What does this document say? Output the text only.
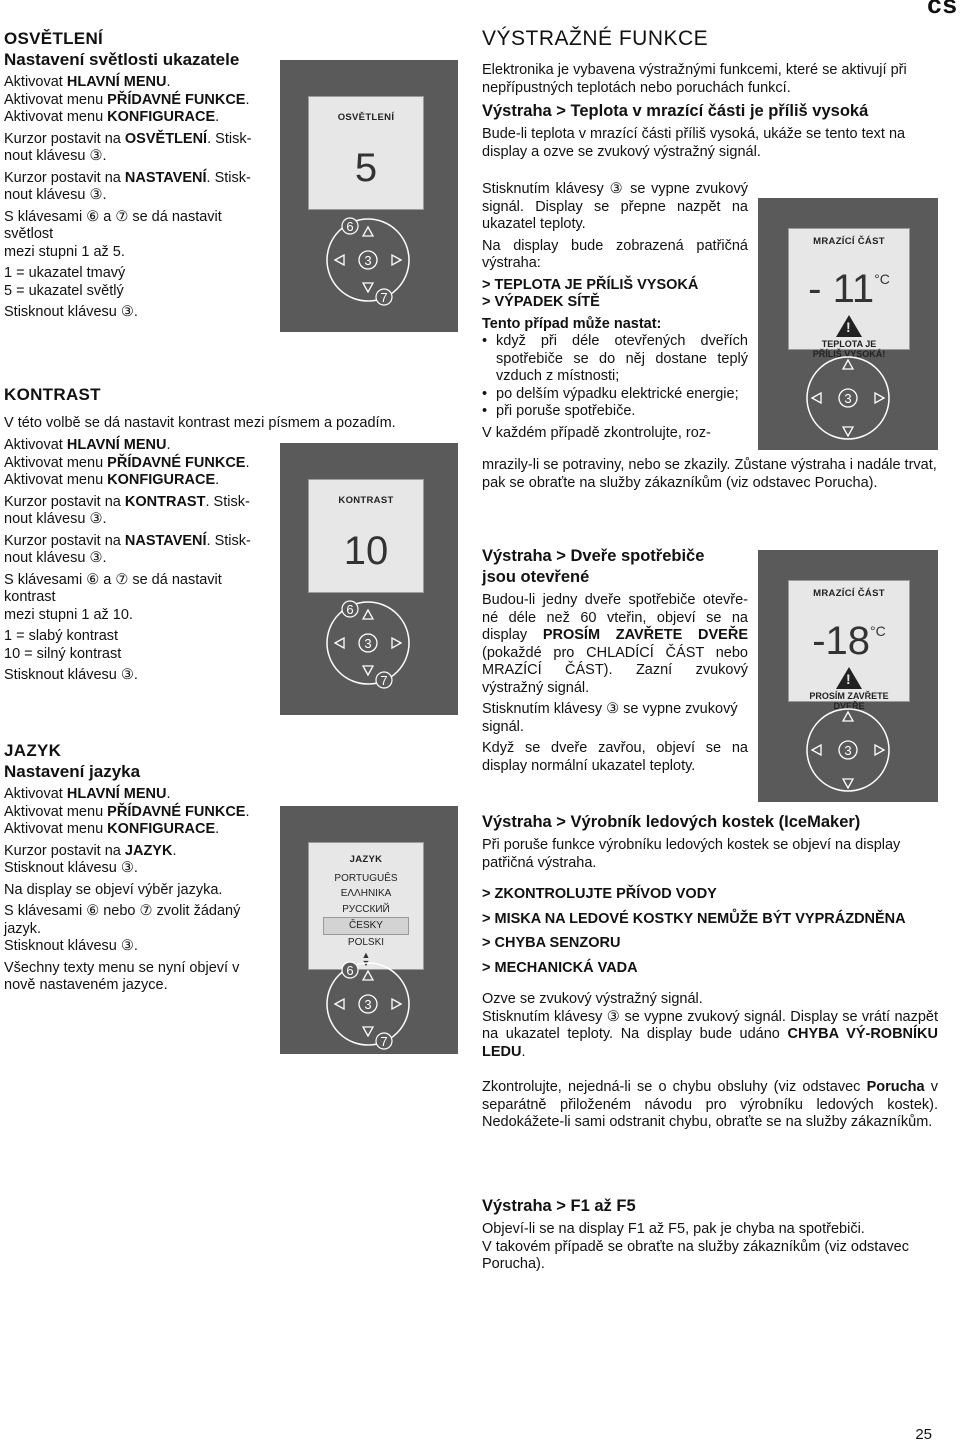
OSVĚTLENÍ

Nastavení světlosti ukazatele

Aktivovat HLAVNÍ MENU.

Aktivovat menu PŘÍDAVNÉ FUNKCE.

Aktivovat menu KONFIGURACE.

Kurzor postavit na OSVĚTLENÍ. Stisk-
nout klávesu ③.

Kurzor postavit na NASTAVENÍ. Stisk-
nout klávesu ③.

S klávesami ⑥ a ⑦ se dá nastavit světlost
mezi stupni 1 až 5.

1 = ukazatel tmavý
5 = ukazatel světlý

Stisknout klávesu ③.

KONTRAST

V této volbě se dá nastavit kontrast mezi písmem a pozadím.

Aktivovat HLAVNÍ MENU.

Aktivovat menu PŘÍDAVNÉ FUNKCE.

Aktivovat menu KONFIGURACE.

Kurzor postavit na KONTRAST. Stisk-
nout klávesu ③.

Kurzor postavit na NASTAVENÍ. Stisk-
nout klávesu ③.

S klávesami ⑥ a ⑦ se dá nastavit kontrast
mezi stupni 1 až 10.

1 = slabý kontrast
10 = silný kontrast

Stisknout klávesu ③.

JAZYK

Nastavení jazyka

Aktivovat HLAVNÍ MENU.

Aktivovat menu PŘÍDAVNÉ FUNKCE.

Aktivovat menu KONFIGURACE.

Kurzor postavit na JAZYK.
Stisknout klávesu ③.

Na display se objeví výběr jazyka.

S klávesami ⑥ nebo ⑦ zvolit žádaný
jazyk.
Stisknout klávesu ③.

Všechny texty menu se nyní objeví v
nově nastaveném jazyce.

OSVĚTLENÍ
5
3
6
7
KONTRAST
10
3
6
7
JAZYK
PORTUGUÊS
ΕΛΛΗΝΙΚΑ
РУССКИЙ
ČESKY
POLSKI
▲
▼
3
6
7
cs

VÝSTRAŽNÉ FUNKCE

Elektronika je vybavena výstražnými funkcemi, které se aktivují při nepřípustných teplotách nebo poruchách funkcí.

Výstraha > Teplota v mrazící části je příliš vysoká

Bude-li teplota v mrazící části příliš vysoká, ukáže se tento text na display a ozve se zvukový výstražný signál.

Stisknutím klávesy ③ se vypne zvukový signál. Display se přepne nazpět na ukazatel teploty.

Na display bude zobrazená patřičná výstraha:

> TEPLOTA JE PŘÍLIŠ VYSOKÁ

> VÝPADEK SÍTĚ

Tento případ může nastat:

• když při déle otevřených dveřích spotřebiče se do něj dostane teplý vzduch z místnosti;

• po delším výpadku elektrické energie;

• při poruše spotřebiče.

V každém případě zkontrolujte, roz-

mrazily-li se potraviny, nebo se zkazily. Zůstane výstraha i nadále trvat, pak se obraťte na služby zákazníkům (viz odstavec Porucha).

MRAZÍCÍ ČÁST
- $11^{^\circ C}$
!
TEPLOTA JE
PŘÍLIŠ VYSOKÁ!
3

Výstraha > Dveře spotřebiče

jsou otevřené

Budou-li jedny dveře spotřebiče otevře-né déle než 60 vteřin, objeví se na display PROSÍM ZAVŘETE DVEŘE (pokaždé pro CHLADÍCÍ ČÁST nebo MRAZÍCÍ ČÁST). Zazní zvukový výstražný signál.

Stisknutím klávesy ③ se vypne zvukový signál.

Když se dveře zavřou, objeví se na display normální ukazatel teploty.

MRAZÍCÍ ČÁST
$-18^{^\circ C}$
!
PROSÍM ZAVŘETE
DVEŘE
3

Výstraha > Výrobník ledových kostek (IceMaker)

Při poruše funkce výrobníku ledových kostek se objeví na display patřičná výstraha.

> ZKONTROLUJTE PŘÍVOD VODY

> MISKA NA LEDOVÉ KOSTKY NEMŮŽE BÝT VYPRÁZDNĚNA

> CHYBA SENZORU

> MECHANICKÁ VADA

Ozve se zvukový výstražný signál.

Stisknutím klávesy ③ se vypne zvukový signál. Display se vrátí nazpět na ukazatel teploty. Na display bude udáno CHYBA VÝ-ROBNÍKU LEDU.

Zkontrolujte, nejedná-li se o chybu obsluhy (viz odstavec Porucha v separátně přiloženém návodu pro výrobníku ledových kostek). Nedokážete-li sami odstranit chybu, obraťte se na služby zákazníkům.

Výstraha > F1 až F5

Objeví-li se na display F1 až F5, pak je chyba na spotřebiči.

V takovém případě se obraťte na služby zákazníkům (viz odstavec Porucha).

25
